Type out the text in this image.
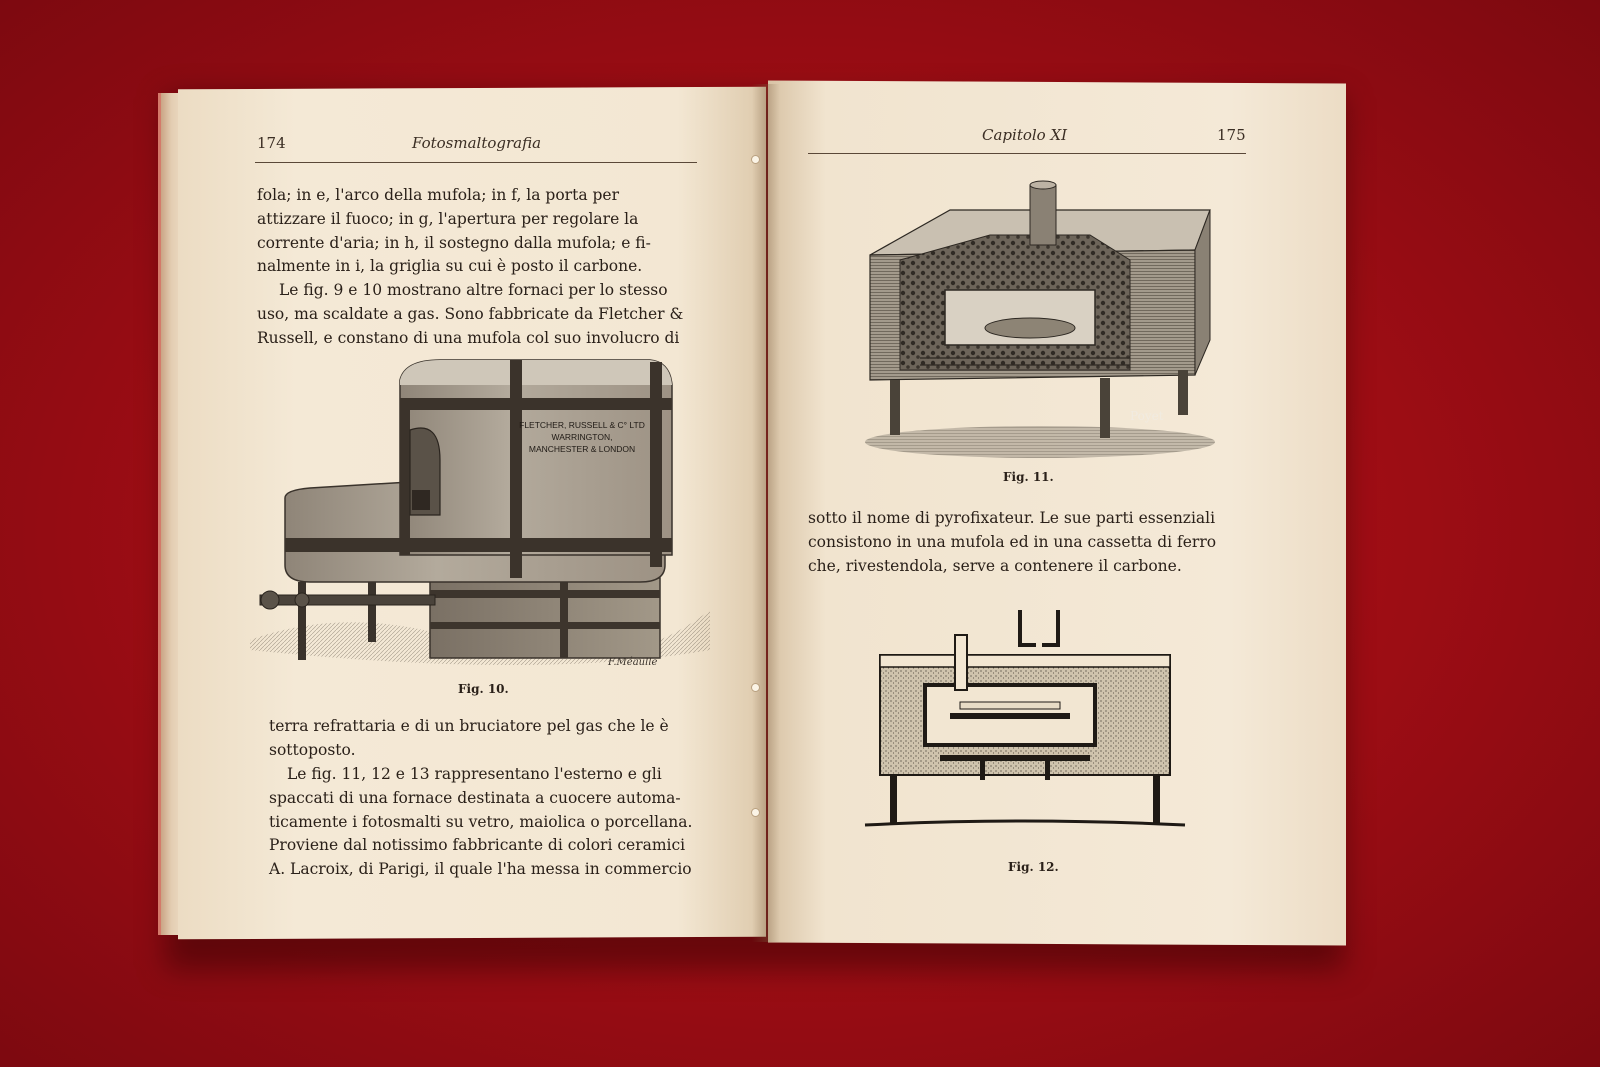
174	Fotosmaltografia

fola; in e, l'arco della mufola; in f, la porta per

attizzare il fuoco; in g, l'apertura per regolare la

corrente d'aria; in h, il sostegno dalla mufola; e fi-

nalmente in i, la griglia su cui è posto il carbone.

Le fig. 9 e 10 mostrano altre fornaci per lo stesso

uso, ma scaldate a gas. Sono fabbricate da Fletcher &

Russell, e constano di una mufola col suo involucro di

F.Méaulle
FLETCHER, RUSSELL & C° LTD
WARRINGTON,
MANCHESTER & LONDON
Fig. 10.

terra refrattaria e di un bruciatore pel gas che le è

sottoposto.

Le fig. 11, 12 e 13 rappresentano l'esterno e gli

spaccati di una fornace destinata a cuocere automa-

ticamente i fotosmalti su vetro, maiolica o porcellana.

Proviene dal notissimo fabbricante di colori ceramici

A. Lacroix, di Parigi, il quale l'ha messa in commercio

Capitolo XI	175
Poyet
Fig. 11.

sotto il nome di pyrofixateur. Le sue parti essenziali

consistono in una mufola ed in una cassetta di ferro

che, rivestendola, serve a contenere il carbone.

Fig. 12.
